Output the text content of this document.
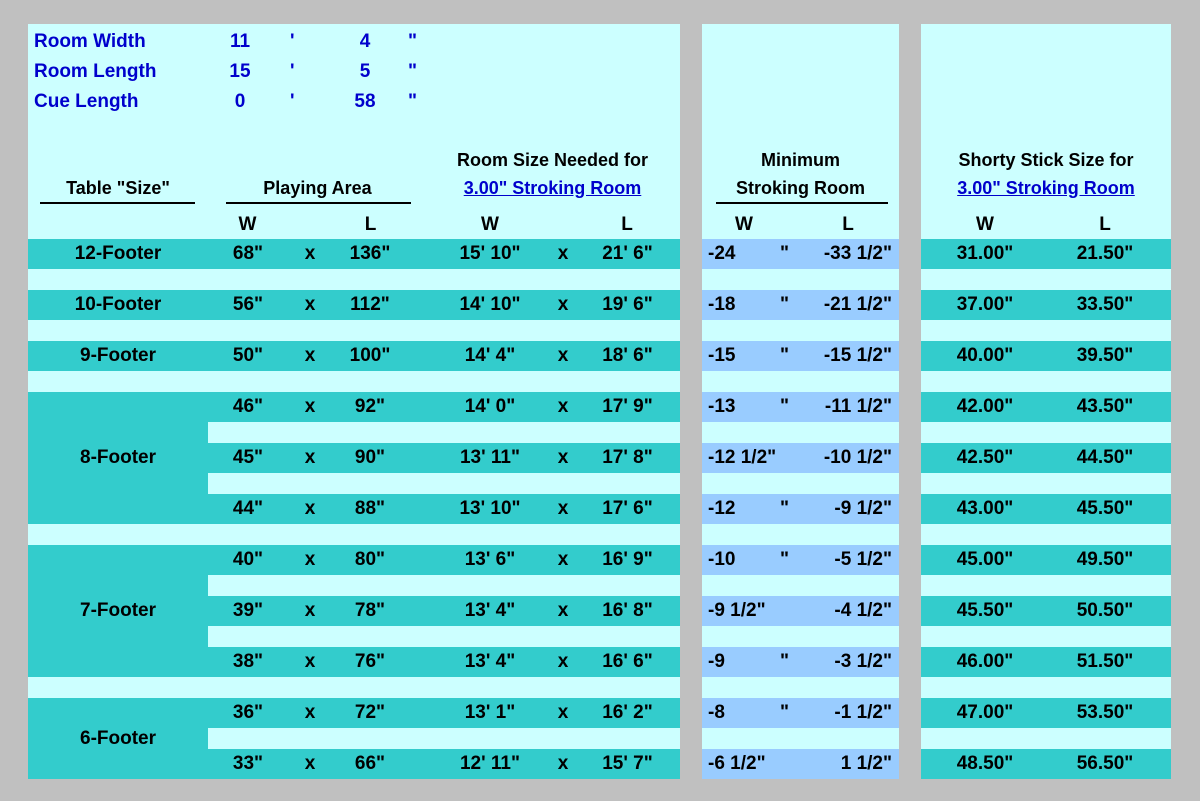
Room Width	11 '	4	"
Room Length	15 '	5	"
Cue Length	0	'	58	"
Table "Size"	Playing Area
Room Size Needed for
3.00" Stroking Room
Minimum
Stroking Room
Shorty Stick Size for
3.00" Stroking Room
W	L	W	L	W	L	W	L
12-Footer	68"	x	136"	15' 10"	x	21' 6"	-24 "	-33 1/2"	31.00"	21.50"
10-Footer	56"	x	112"	14' 10"	x	19' 6"	-18 "	-21 1/2"	37.00"	33.50"
9-Footer	50"	x	100"	14' 4"	x	18' 6"	-15 "	-15 1/2"	40.00"	39.50"
8-Footer
46"	x	92"	14' 0"	x	17' 9"	-13 "	-11 1/2"	42.00"	43.50"
45"	x	90"	13' 11"	x	17' 8"	-12 1/2"	-10 1/2"	42.50"	44.50"
44"	x	88"	13' 10"	x	17' 6"	-12 "	-9 1/2"	43.00"	45.50"
7-Footer
40"	x	80"	13' 6"	x	16' 9"	-10 "	-5 1/2"	45.00"	49.50"
39"	x	78"	13' 4"	x	16' 8"	-9 1/2"	-4 1/2"	45.50"	50.50"
38"	x	76"	13' 4"	x	16' 6"	-9	"	-3 1/2"	46.00"	51.50"
6-Footer
36"	x	72"	13' 1"	x	16' 2"	-8	"	-1 1/2"	47.00"	53.50"
33"	x	66"	12' 11"	x	15' 7"	-6 1/2"	1 1/2"	48.50"	56.50"
